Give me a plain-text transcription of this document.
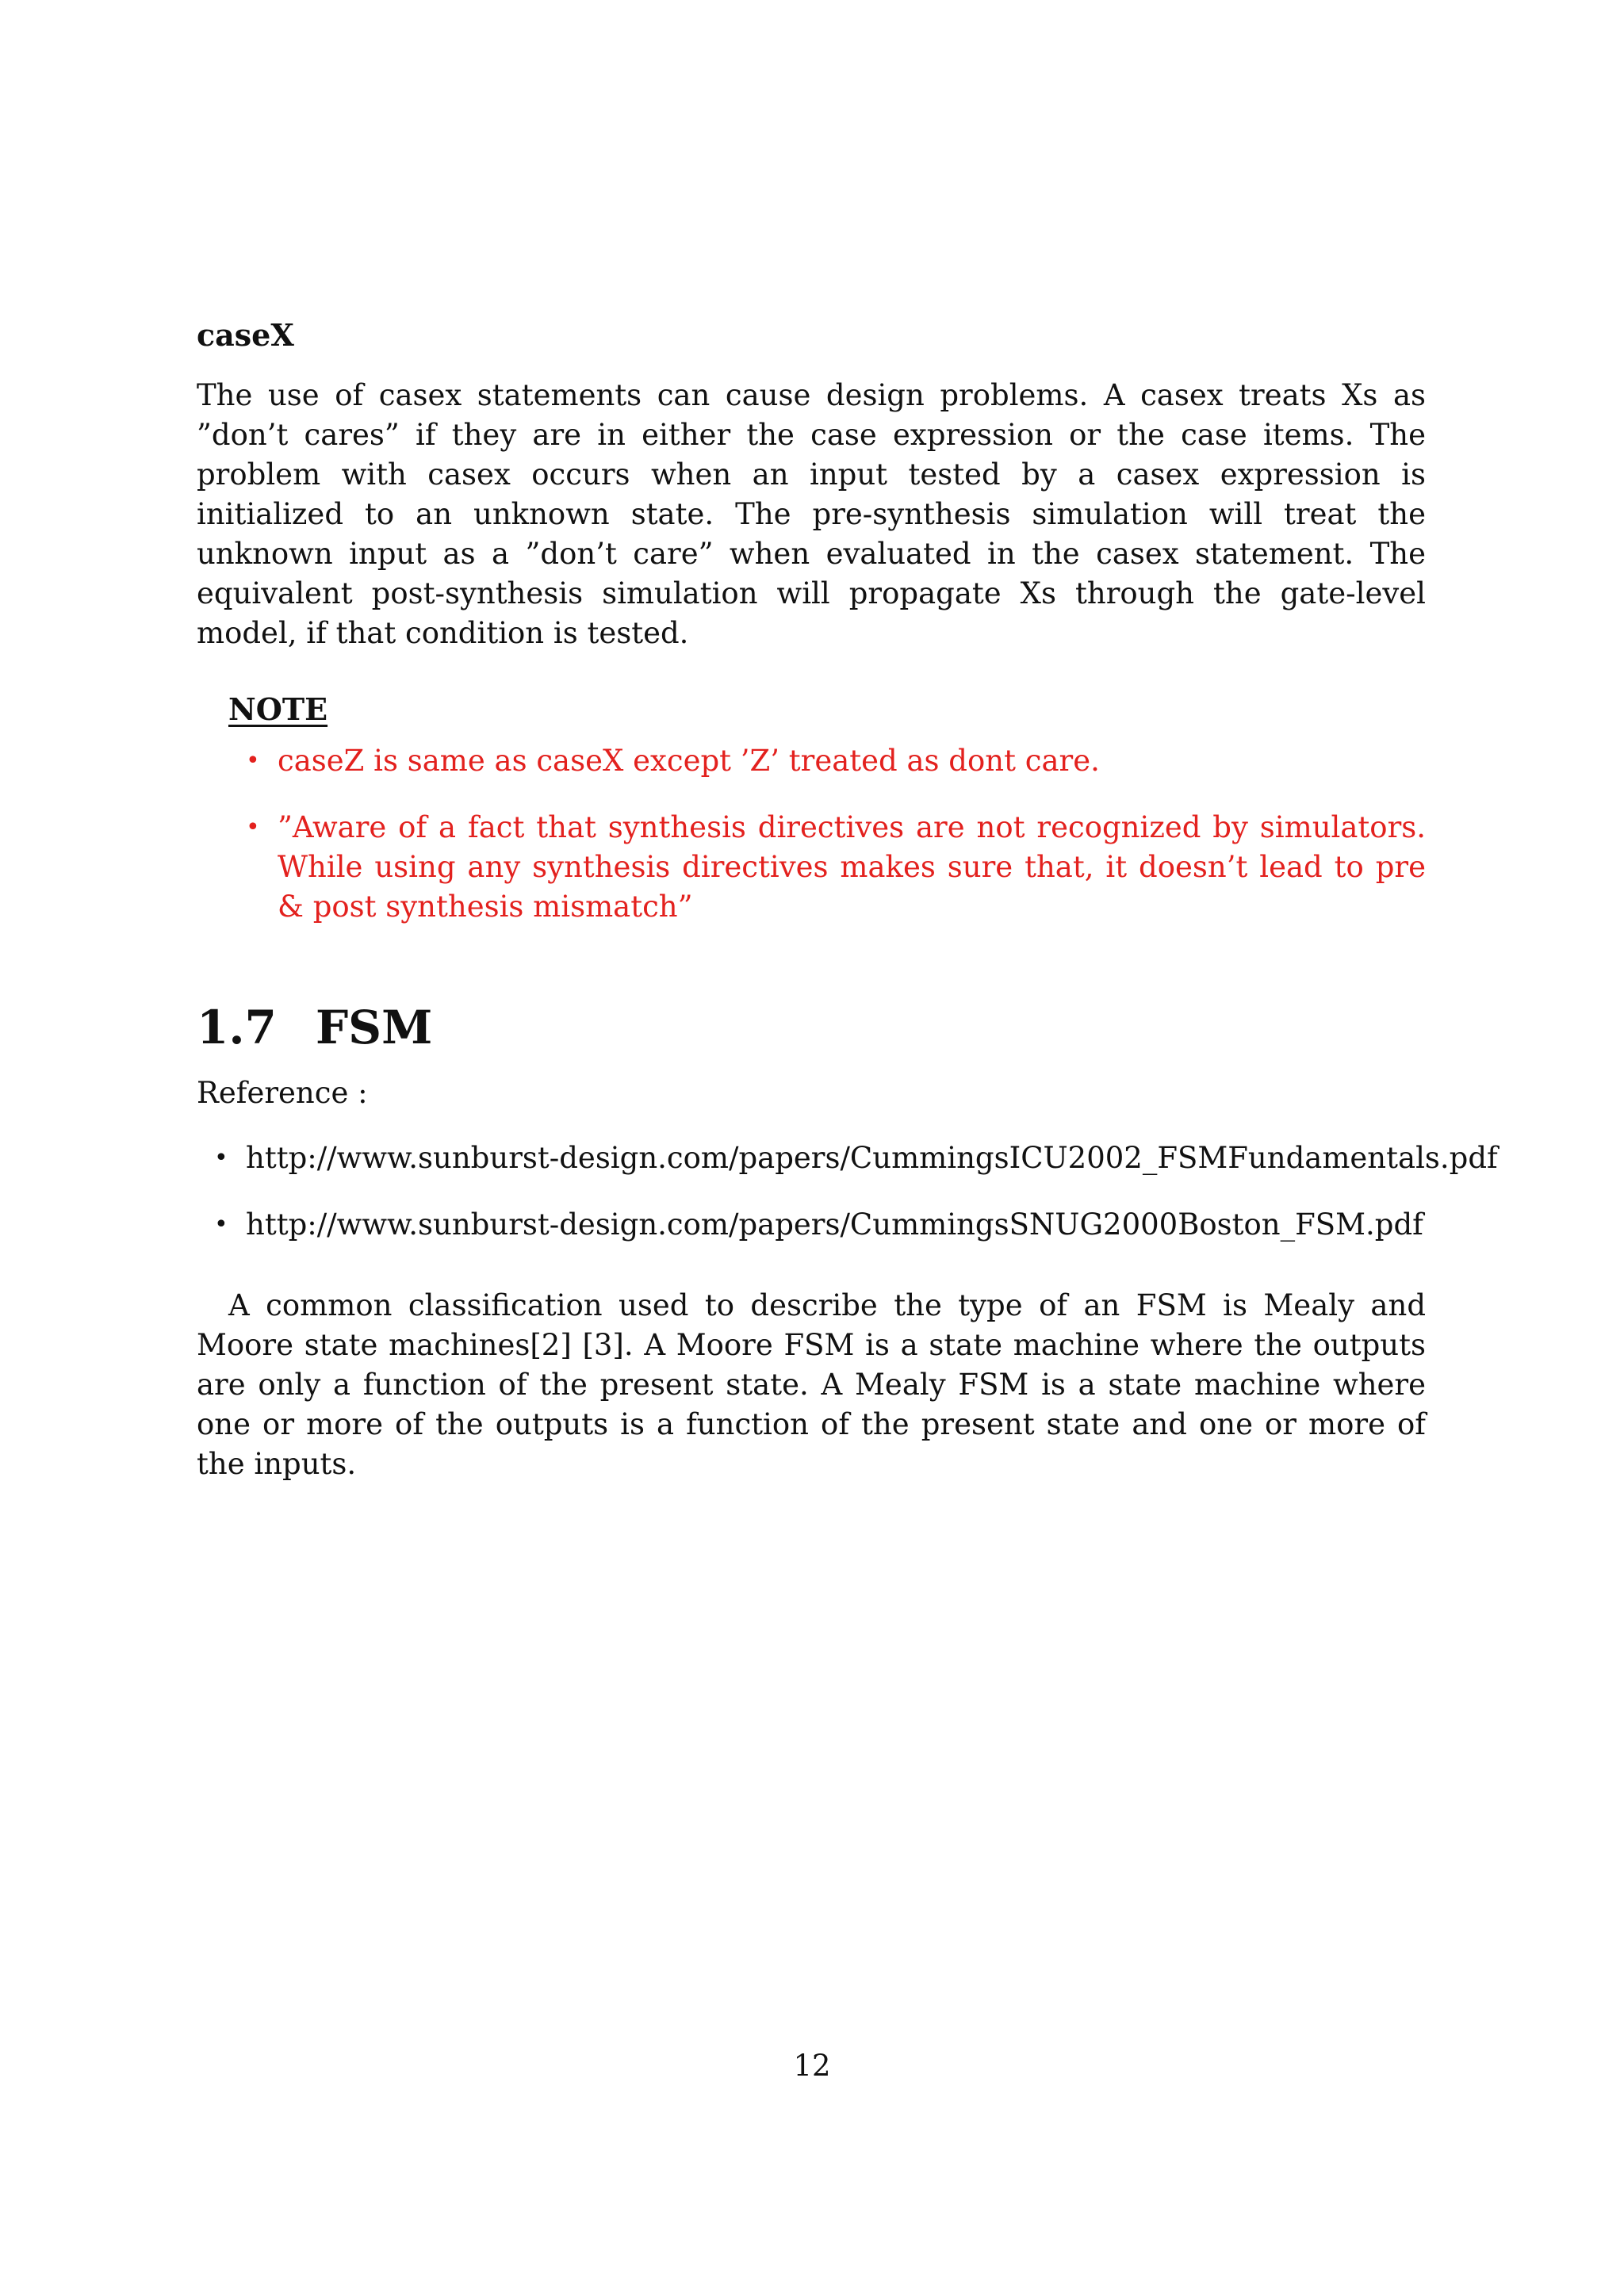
caseX

The use of casex statements can cause design problems. A casex treats Xs as ”don’t cares” if they are in either the case expression or the case items. The problem with casex occurs when an input tested by a casex expression is initialized to an unknown state. The pre-synthesis simulation will treat the unknown input as a ”don’t care” when evaluated in the casex statement. The equivalent post-synthesis simulation will propagate Xs through the gate-level model, if that condition is tested.

NOTE
• caseZ is same as caseX except ’Z’ treated as dont care.
• ”Aware of a fact that synthesis directives are not recognized by simulators. While using any synthesis directives makes sure that, it doesn’t lead to pre & post synthesis mismatch”
1.7 FSM

Reference :

• http://www.sunburst-design.com/papers/CummingsICU2002_FSMFundamentals.pdf
• http://www.sunburst-design.com/papers/CummingsSNUG2000Boston_FSM.pdf

A common classification used to describe the type of an FSM is Mealy and Moore state machines[2] [3]. A Moore FSM is a state machine where the outputs are only a function of the present state. A Mealy FSM is a state machine where one or more of the outputs is a function of the present state and one or more of the inputs.

12
